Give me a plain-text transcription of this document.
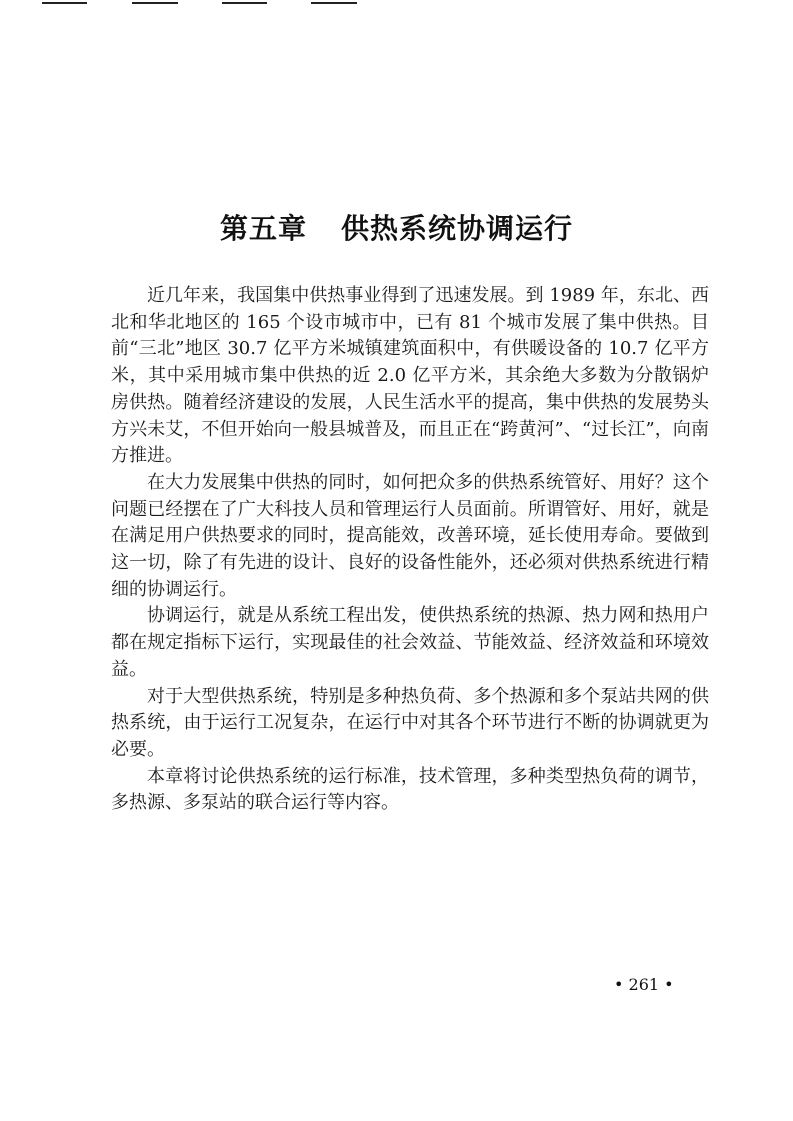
第五章 供热系统协调运行

近几年来，我国集中供热事业得到了迅速发展。到 1989 年，东北、西北和华北地区的 165 个设市城市中，已有 81 个城市发展了集中供热。目前“三北”地区 30.7 亿平方米城镇建筑面积中，有供暖设备的 10.7 亿平方米，其中采用城市集中供热的近 2.0 亿平方米，其余绝大多数为分散锅炉房供热。随着经济建设的发展，人民生活水平的提高，集中供热的发展势头方兴未艾，不但开始向一般县城普及，而且正在“跨黄河”、“过长江”，向南方推进。

在大力发展集中供热的同时，如何把众多的供热系统管好、用好？这个问题已经摆在了广大科技人员和管理运行人员面前。所谓管好、用好，就是在满足用户供热要求的同时，提高能效，改善环境，延长使用寿命。要做到这一切，除了有先进的设计、良好的设备性能外，还必须对供热系统进行精细的协调运行。

协调运行，就是从系统工程出发，使供热系统的热源、热力网和热用户都在规定指标下运行，实现最佳的社会效益、节能效益、经济效益和环境效益。

对于大型供热系统，特别是多种热负荷、多个热源和多个泵站共网的供热系统，由于运行工况复杂，在运行中对其各个环节进行不断的协调就更为必要。

本章将讨论供热系统的运行标准，技术管理，多种类型热负荷的调节，多热源、多泵站的联合运行等内容。

• 261 •
